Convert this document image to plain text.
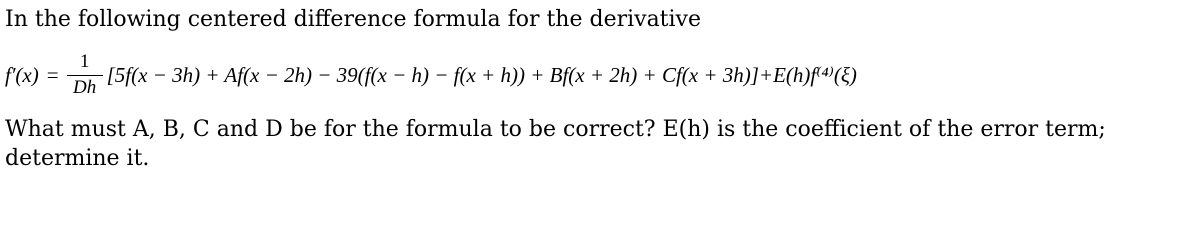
In the following centered difference formula for the derivative
$f'(x) = \frac{1}{Dh} [5f(x - 3h) + Af(x - 2h) - 39(f(x - h) - f(x + h)) + Bf(x + 2h) + Cf(x + 3h)]+E(h)f^{(4)}(\xi)$
What must A, B, C and D be for the formula to be correct? E(h) is the coefficient of the error term;
determine it.
